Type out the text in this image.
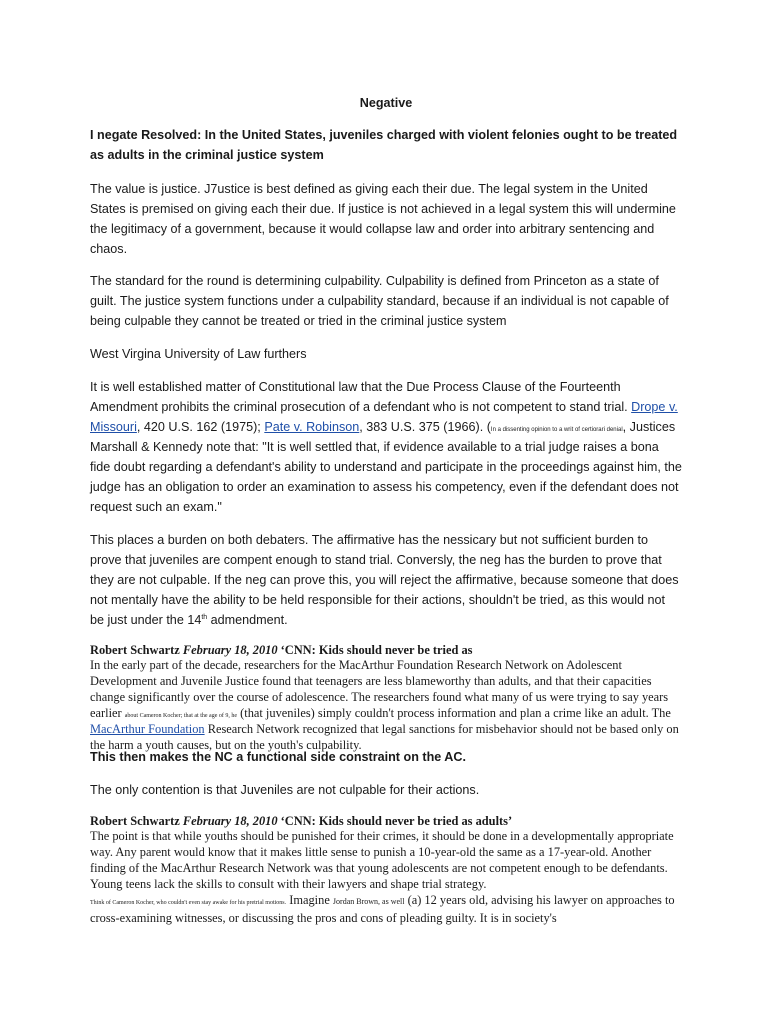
Negative

I negate Resolved: In the United States, juveniles charged with violent felonies ought to be treated as adults in the criminal justice system

The value is justice. J7ustice is best defined as giving each their due. The legal system in the United States is premised on giving each their due. If justice is not achieved in a legal system this will undermine the legitimacy of a government, because it would collapse law and order into arbitrary sentencing and chaos.

The standard for the round is determining culpability. Culpability is defined from Princeton as a state of guilt. The justice system functions under a culpability standard, because if an individual is not capable of being culpable they cannot be treated or tried in the criminal justice system

West Virgina University of Law furthers

It is well established matter of Constitutional law that the Due Process Clause of the Fourteenth Amendment prohibits the criminal prosecution of a defendant who is not competent to stand trial. Drope v. Missouri, 420 U.S. 162 (1975); Pate v. Robinson, 383 U.S. 375 (1966). (In a dissenting opinion to a writ of certiorari denial, Justices Marshall & Kennedy note that: "It is well settled that, if evidence available to a trial judge raises a bona fide doubt regarding a defendant's ability to understand and participate in the proceedings against him, the judge has an obligation to order an examination to assess his competency, even if the defendant does not request such an exam."

This places a burden on both debaters. The affirmative has the nessicary but not sufficient burden to prove that juveniles are compent enough to stand trial. Conversly, the neg has the burden to prove that they are not culpable. If the neg can prove this, you will reject the affirmative, because someone that does not mentally have the ability to be held responsible for their actions, shouldn't be tried, as this would not be just under the 14th admendment.

Robert Schwartz February 18, 2010 ‘CNN: Kids should never be tried as

In the early part of the decade, researchers for the MacArthur Foundation Research Network on Adolescent Development and Juvenile Justice found that teenagers are less blameworthy than adults, and that their capacities change significantly over the course of adolescence. The researchers found what many of us were trying to say years earlier about Cameron Kocher; that at the age of 9, he (that juveniles) simply couldn't process information and plan a crime like an adult. The MacArthur Foundation Research Network recognized that legal sanctions for misbehavior should not be based only on the harm a youth causes, but on the youth's culpability.

This then makes the NC a functional side constraint on the AC.

The only contention is that Juveniles are not culpable for their actions.

Robert Schwartz February 18, 2010 ‘CNN: Kids should never be tried as adults’

The point is that while youths should be punished for their crimes, it should be done in a developmentally appropriate way. Any parent would know that it makes little sense to punish a 10-year-old the same as a 17-year-old. Another finding of the MacArthur Research Network was that young adolescents are not competent enough to be defendants. Young teens lack the skills to consult with their lawyers and shape trial strategy.
Think of Cameron Kocher, who couldn't even stay awake for his pretrial motions. Imagine Jordan Brown, as well (a) 12 years old, advising his lawyer on approaches to cross-examining witnesses, or discussing the pros and cons of pleading guilty. It is in society's
